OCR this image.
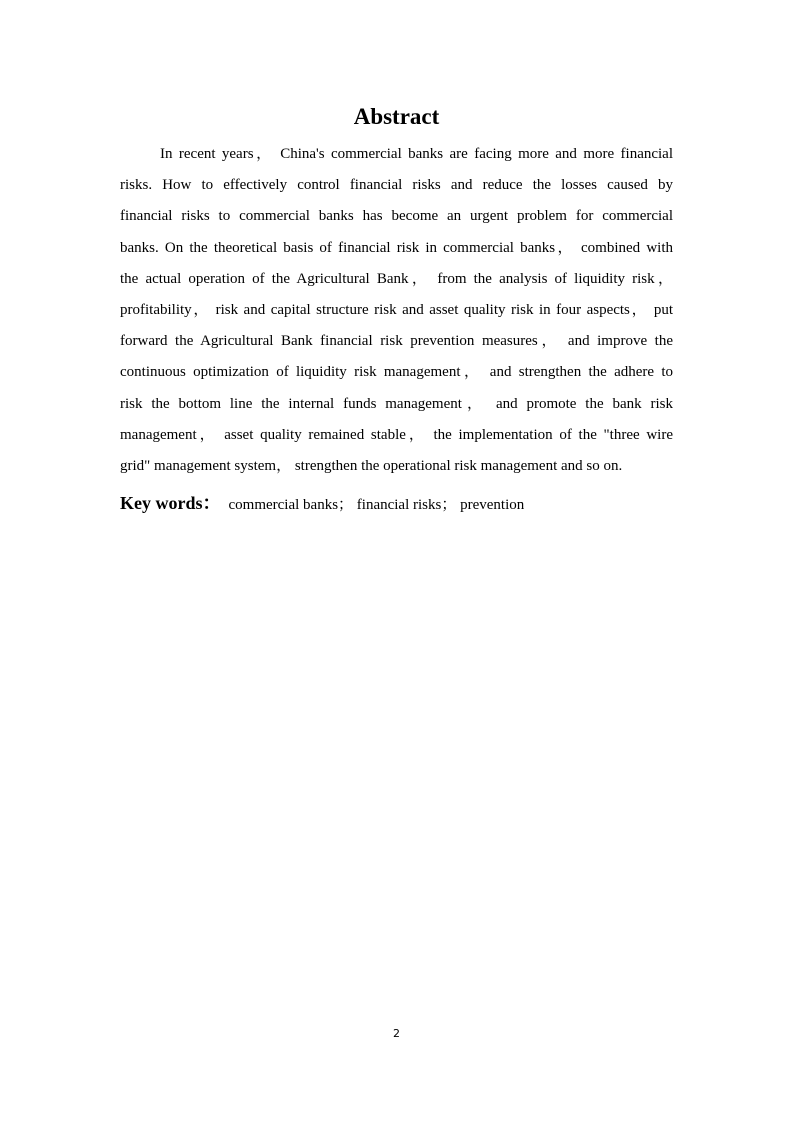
Abstract
In recent years， China's commercial banks are facing more and more financial
risks. How to effectively control financial risks and reduce the losses caused by
financial risks to commercial banks has become an urgent problem for commercial
banks. On the theoretical basis of financial risk in commercial banks， combined with
the actual operation of the Agricultural Bank， from the analysis of liquidity risk，
profitability， risk and capital structure risk and asset quality risk in four aspects， put
forward the Agricultural Bank financial risk prevention measures， and improve the
continuous optimization of liquidity risk management， and strengthen the adhere to
risk the bottom line the internal funds management， and promote the bank risk
management， asset quality remained stable， the implementation of the "three wire
grid" management system， strengthen the operational risk management and so on.
Key words： commercial banks； financial risks； prevention
2
